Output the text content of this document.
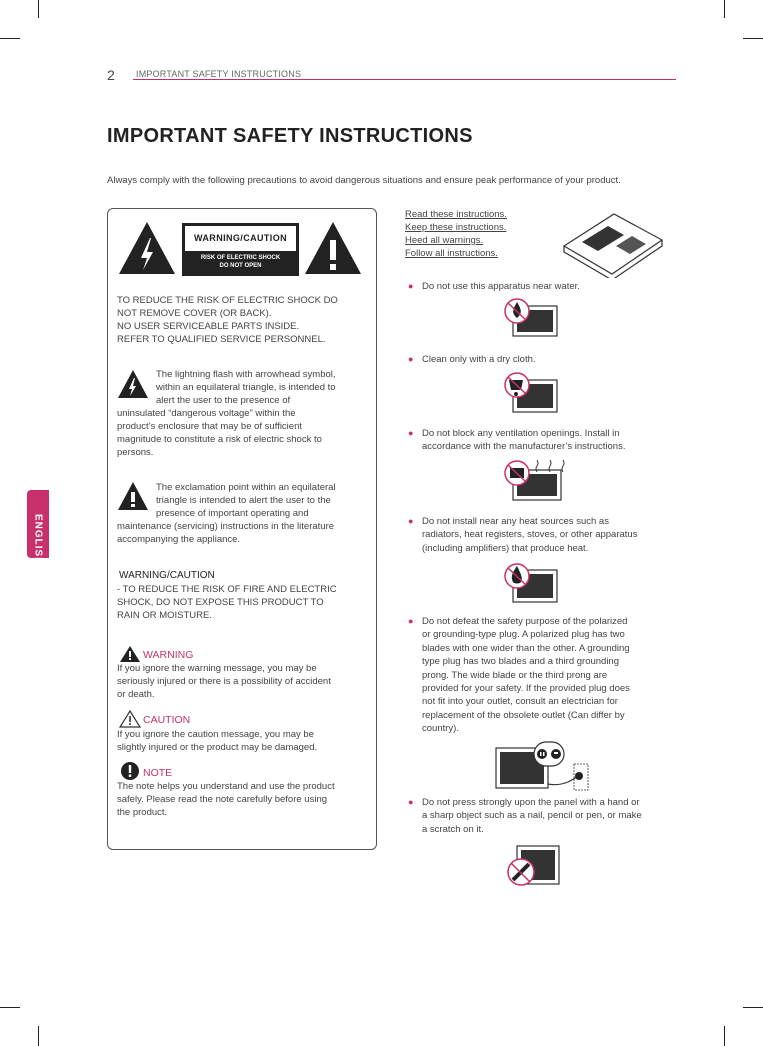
2 IMPORTANT SAFETY INSTRUCTIONS
IMPORTANT SAFETY INSTRUCTIONS
Always comply with the following precautions to avoid dangerous situations and ensure peak performance of your product.
ENGLISH
WARNING/CAUTION
RISK OF ELECTRIC SHOCK
DO NOT OPEN
TO REDUCE THE RISK OF ELECTRIC SHOCK DO
NOT REMOVE COVER (OR BACK).
NO USER SERVICEABLE PARTS INSIDE.
REFER TO QUALIFIED SERVICE PERSONNEL.
The lightning flash with arrowhead symbol,
within an equilateral triangle, is intended to
alert the user to the presence of
uninsulated “dangerous voltage” within the
product’s enclosure that may be of sufficient
magnitude to constitute a risk of electric shock to
persons.
The exclamation point within an equilateral
triangle is intended to alert the user to the
presence of important operating and
maintenance (servicing) instructions in the literature
accompanying the appliance.
WARNING/CAUTION
- TO REDUCE THE RISK OF FIRE AND ELECTRIC
SHOCK, DO NOT EXPOSE THIS PRODUCT TO
RAIN OR MOISTURE.
WARNING
If you ignore the warning message, you may be
seriously injured or there is a possibility of accident
or death.
CAUTION
If you ignore the caution message, you may be
slightly injured or the product may be damaged.
NOTE
The note helps you understand and use the product
safely. Please read the note carefully before using
the product.
Read these instructions.
Keep these instructions.
Heed all warnings.
Follow all instructions.
● Do not use this apparatus near water.
● Clean only with a dry cloth.
● Do not block any ventilation openings. Install in
accordance with the manufacturer’s instructions.
● Do not install near any heat sources such as
radiators, heat registers, stoves, or other apparatus
(including amplifiers) that produce heat.
● Do not defeat the safety purpose of the polarized
or grounding-type plug. A polarized plug has two
blades with one wider than the other. A grounding
type plug has two blades and a third grounding
prong. The wide blade or the third prong are
provided for your safety. If the provided plug does
not fit into your outlet, consult an electrician for
replacement of the obsolete outlet (Can differ by
country).
● Do not press strongly upon the panel with a hand or
a sharp object such as a nail, pencil or pen, or make
a scratch on it.
